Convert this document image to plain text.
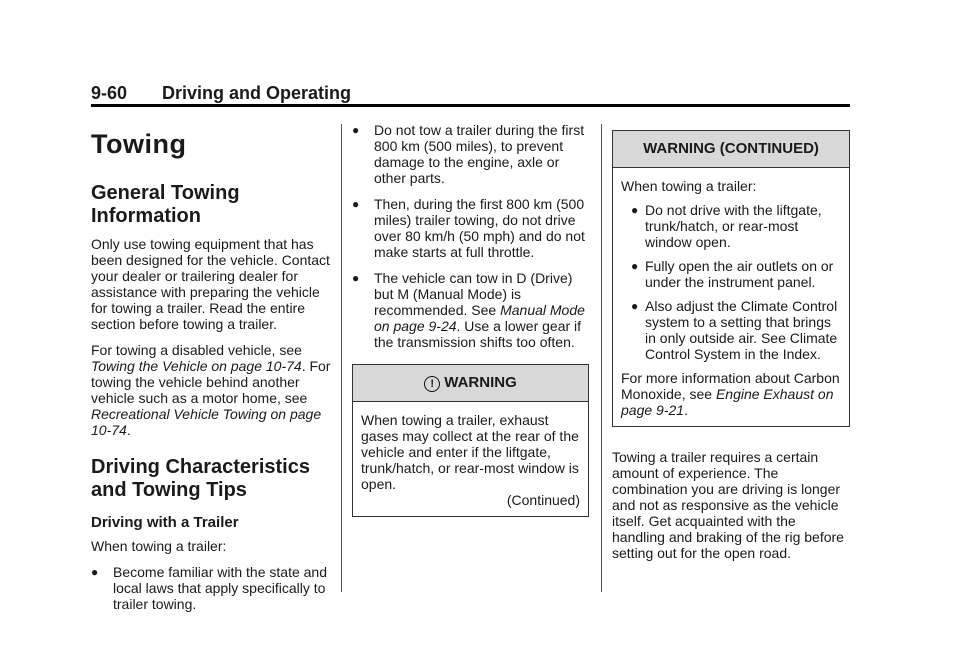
9-60 Driving and Operating
Towing
General Towing Information

Only use towing equipment that has been designed for the vehicle. Contact your dealer or trailering dealer for assistance with preparing the vehicle for towing a trailer. Read the entire section before towing a trailer.

For towing a disabled vehicle, see Towing the Vehicle on page 10-74. For towing the vehicle behind another vehicle such as a motor home, see Recreational Vehicle Towing on page 10-74.

Driving Characteristics and Towing Tips
Driving with a Trailer

When towing a trailer:

● Become familiar with the state and local laws that apply specifically to trailer towing.
● Do not tow a trailer during the first 800 km (500 miles), to prevent damage to the engine, axle or other parts.
● Then, during the first 800 km (500 miles) trailer towing, do not drive over 80 km/h (50 mph) and do not make starts at full throttle.
● The vehicle can tow in D (Drive) but M (Manual Mode) is recommended. See Manual Mode on page 9-24. Use a lower gear if the transmission shifts too often.
! WARNING

When towing a trailer, exhaust gases may collect at the rear of the vehicle and enter if the liftgate, trunk/hatch, or rear-most window is open.

(Continued)
WARNING (CONTINUED)

When towing a trailer:

● Do not drive with the liftgate, trunk/hatch, or rear-most window open.
● Fully open the air outlets on or under the instrument panel.
● Also adjust the Climate Control system to a setting that brings in only outside air. See Climate Control System in the Index.

For more information about Carbon Monoxide, see Engine Exhaust on page 9-21.

Towing a trailer requires a certain amount of experience. The combination you are driving is longer and not as responsive as the vehicle itself. Get acquainted with the handling and braking of the rig before setting out for the open road.
